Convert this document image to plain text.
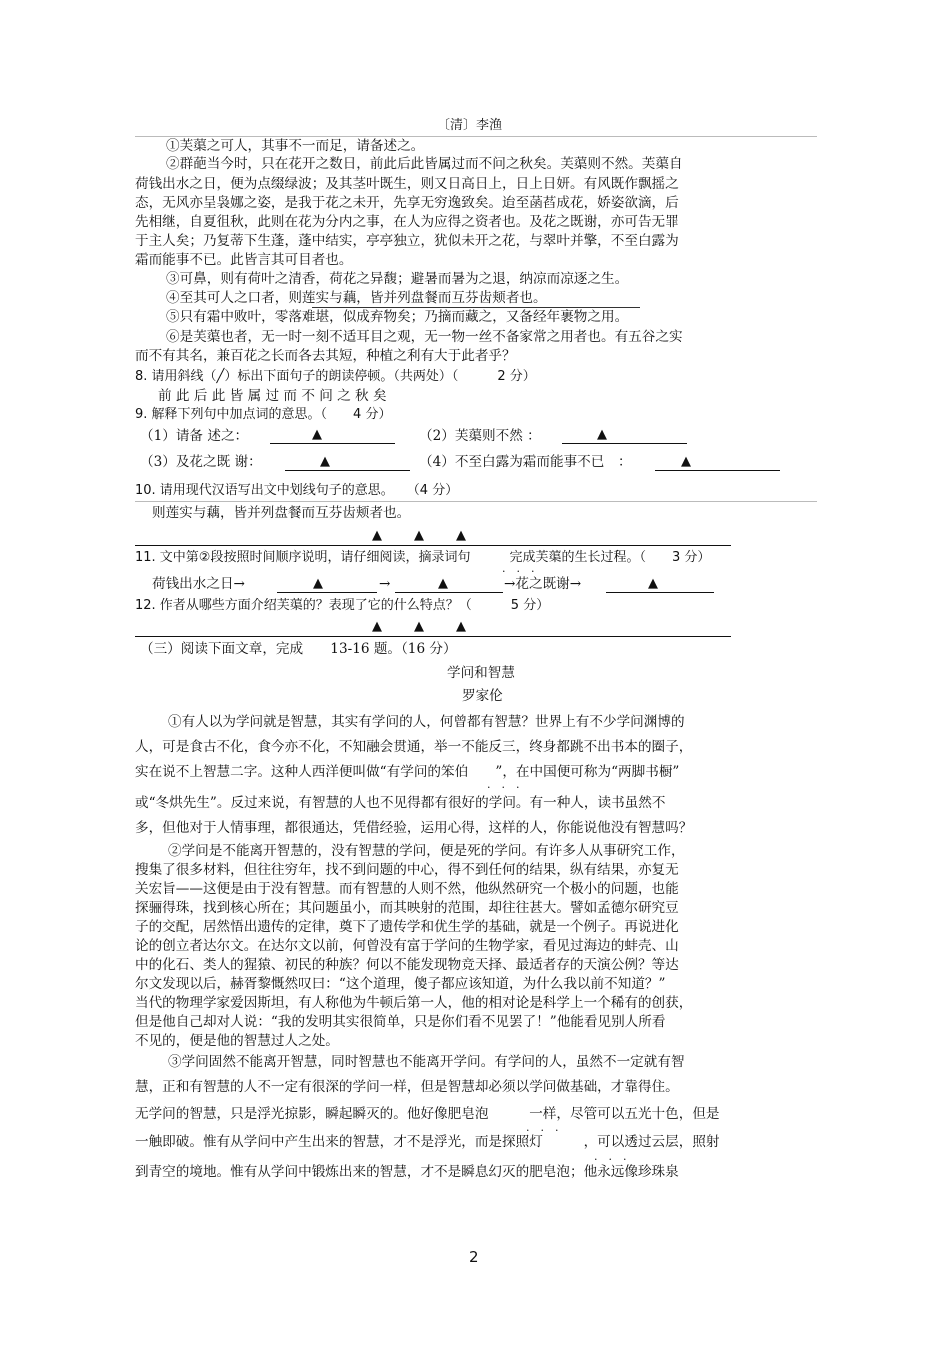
〔清〕李渔
①芙蕖之可人，其事不一而足，请备述之。
②群葩当今时，只在花开之数日，前此后此皆属过而不问之秋矣。芙蕖则不然。芙蕖自
荷钱出水之日，便为点缀绿波；及其茎叶既生，则又日高日上，日上日妍。有风既作飘摇之
态，无风亦呈袅娜之姿，是我于花之未开，先享无穷逸致矣。迨至菡萏成花，娇姿欲滴，后
先相继，自夏徂秋，此则在花为分内之事，在人为应得之资者也。及花之既谢，亦可告无罪
于主人矣；乃复蒂下生蓬，蓬中结实，亭亭独立，犹似未开之花，与翠叶并擎，不至白露为
霜而能事不已。此皆言其可目者也。
③可鼻，则有荷叶之清香，荷花之异馥；避暑而暑为之退，纳凉而凉逐之生。
④至其可人之口者，则莲实与藕，皆并列盘餐而互芬齿颊者也。
⑤只有霜中败叶，零落难堪，似成弃物矣；乃摘而藏之，又备经年裹物之用。
⑥是芙蕖也者，无一时一刻不适耳目之观，无一物一丝不备家常之用者也。有五谷之实
而不有其名，兼百花之长而各去其短，种植之利有大于此者乎？
8. 请用斜线（╱）标出下面句子的朗读停顿。（共两处）（　　　2 分）
前 此 后 此 皆 属 过 而 不 问 之 秋 矣
9. 解释下列句中加点词的意思。（　　4 分）
（1）请备 述之：	▲	（2）芙蕖则不然 ：	▲
（3）及花之既 谢：	▲	（4）不至白露为霜而能事不已　：	▲
10. 请用现代汉语写出文中划线句子的意思。　　（4 分）
则莲实与藕，皆并列盘餐而互芬齿颊者也。
▲ ▲ ▲
11. 文中第②段按照时间顺序说明，请仔细阅读，摘录词句　　　完成芙蕖的生长过程。（　　3 分）
...
荷钱出水之日→	▲	→	▲	→花之既谢→	▲
12. 作者从哪些方面介绍芙蕖的？表现了它的什么特点？（　　　5 分）
▲ ▲ ▲
（三）阅读下面文章，完成　　13-16 题。（16 分）
学问和智慧
罗家伦
①有人以为学问就是智慧，其实有学问的人，何曾都有智慧？世界上有不少学问渊博的
人，可是食古不化，食今亦不化，不知融会贯通，举一不能反三，终身都跳不出书本的圈子，
实在说不上智慧二字。这种人西洋便叫做“有学问的笨伯　　”，在中国便可称为“两脚书橱”
...
或“冬烘先生”。反过来说，有智慧的人也不见得都有很好的学问。有一种人，读书虽然不
多，但他对于人情事理，都很通达，凭借经验，运用心得，这样的人，你能说他没有智慧吗？
②学问是不能离开智慧的，没有智慧的学问，便是死的学问。有许多人从事研究工作，
搜集了很多材料，但往往穷年，找不到问题的中心，得不到任何的结果，纵有结果，亦复无
关宏旨——这便是由于没有智慧。而有智慧的人则不然，他纵然研究一个极小的问题，也能
探骊得珠，找到核心所在；其问题虽小，而其映射的范围，却往往甚大。譬如孟德尔研究豆
子的交配，居然悟出遗传的定律，奠下了遗传学和优生学的基础，就是一个例子。再说进化
论的创立者达尔文。在达尔文以前，何曾没有富于学问的生物学家，看见过海边的蚌壳、山
中的化石、类人的猩猿、初民的种族？何以不能发现物竞天择、最适者存的天演公例？等达
尔文发现以后，赫胥黎慨然叹曰：“这个道理，傻子都应该知道，为什么我以前不知道？”
当代的物理学家爱因斯坦，有人称他为牛顿后第一人，他的相对论是科学上一个稀有的创获，
但是他自己却对人说：“我的发明其实很简单，只是你们看不见罢了！”他能看见别人所看
不见的，便是他的智慧过人之处。
③学问固然不能离开智慧，同时智慧也不能离开学问。有学问的人，虽然不一定就有智
慧，正和有智慧的人不一定有很深的学问一样，但是智慧却必须以学问做基础，才靠得住。
无学问的智慧，只是浮光掠影，瞬起瞬灭的。他好像肥皂泡　　　一样，尽管可以五光十色，但是
...
一触即破。惟有从学问中产生出来的智慧，才不是浮光，而是探照灯　　　，可以透过云层，照射
...
到青空的境地。惟有从学问中锻炼出来的智慧，才不是瞬息幻灭的肥皂泡；他永远像珍珠泉
2
